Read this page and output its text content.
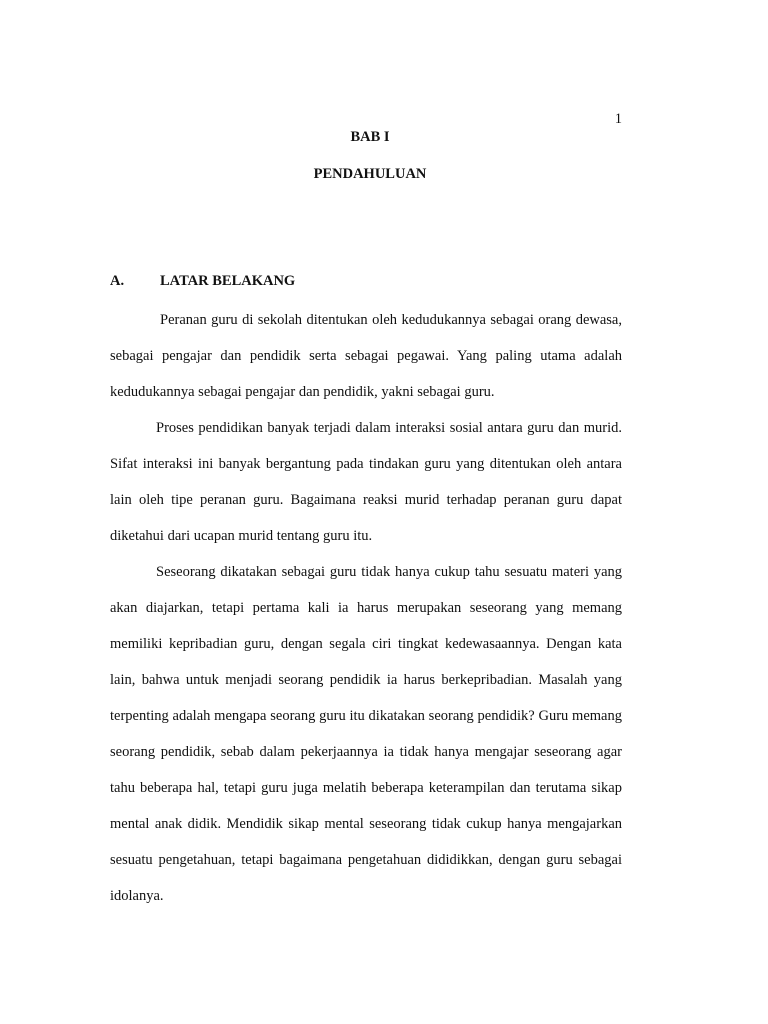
1
BAB I
PENDAHULUAN
A. LATAR BELAKANG

Peranan guru di sekolah ditentukan oleh kedudukannya sebagai orang dewasa, sebagai pengajar dan pendidik serta sebagai pegawai. Yang paling utama adalah kedudukannya sebagai pengajar dan pendidik, yakni sebagai guru.

Proses pendidikan banyak terjadi dalam interaksi sosial antara guru dan murid. Sifat interaksi ini banyak bergantung pada tindakan guru yang ditentukan oleh antara lain oleh tipe peranan guru. Bagaimana reaksi murid terhadap peranan guru dapat diketahui dari ucapan murid tentang guru itu.

Seseorang dikatakan sebagai guru tidak hanya cukup tahu sesuatu materi yang akan diajarkan, tetapi pertama kali ia harus merupakan seseorang yang memang memiliki kepribadian guru, dengan segala ciri tingkat kedewasaannya. Dengan kata lain, bahwa untuk menjadi seorang pendidik ia harus berkepribadian. Masalah yang terpenting adalah mengapa seorang guru itu dikatakan seorang pendidik? Guru memang seorang pendidik, sebab dalam pekerjaannya ia tidak hanya mengajar seseorang agar tahu beberapa hal, tetapi guru juga melatih beberapa keterampilan dan terutama sikap mental anak didik. Mendidik sikap mental seseorang tidak cukup hanya mengajarkan sesuatu pengetahuan, tetapi bagaimana pengetahuan dididikkan, dengan guru sebagai idolanya.
